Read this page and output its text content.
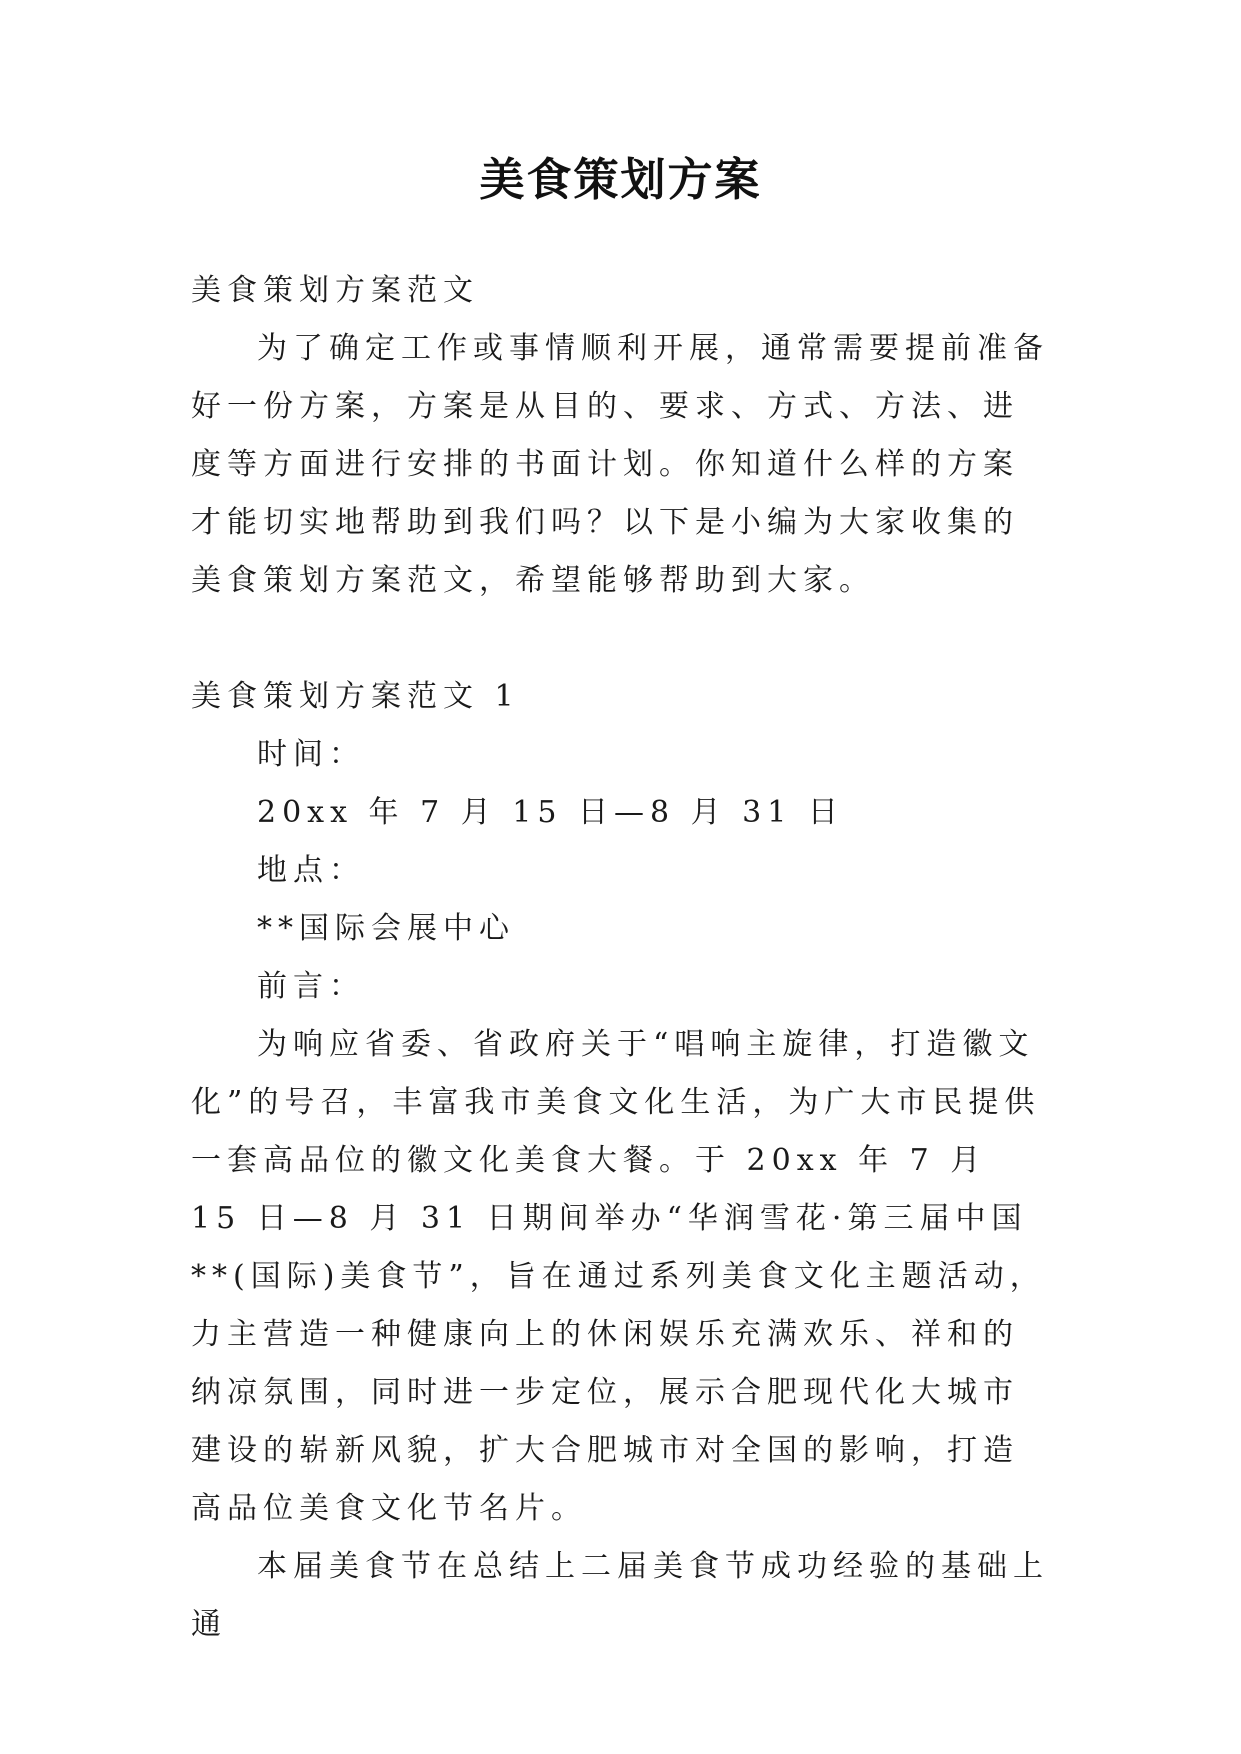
美食策划方案

美食策划方案范文

为了确定工作或事情顺利开展，通常需要提前准备好一份方案，方案是从目的、要求、方式、方法、进度等方面进行安排的书面计划。你知道什么样的方案才能切实地帮助到我们吗？以下是小编为大家收集的美食策划方案范文，希望能够帮助到大家。

美食策划方案范文 1

时间：

20xx 年 7 月 15 日—8 月 31 日

地点：

**国际会展中心

前言：

为响应省委、省政府关于“唱响主旋律，打造徽文化”的号召，丰富我市美食文化生活，为广大市民提供一套高品位的徽文化美食大餐。于 20xx 年 7 月 15 日—8 月 31 日期间举办“华润雪花·第三届中国**(国际)美食节”，旨在通过系列美食文化主题活动，力主营造一种健康向上的休闲娱乐充满欢乐、祥和的纳凉氛围，同时进一步定位，展示合肥现代化大城市建设的崭新风貌，扩大合肥城市对全国的影响，打造高品位美食文化节名片。

本届美食节在总结上二届美食节成功经验的基础上通
